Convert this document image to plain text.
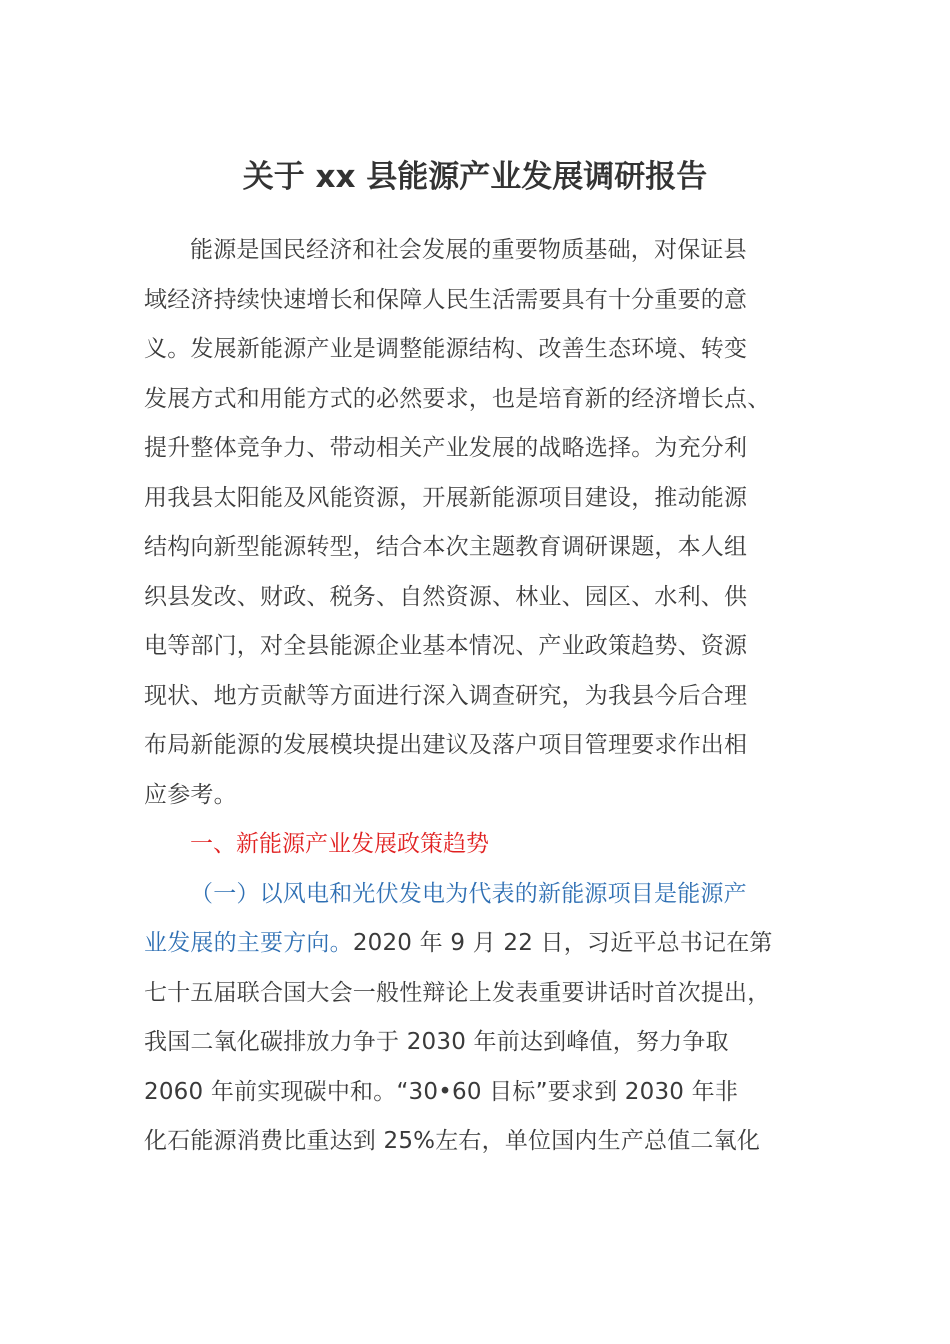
关于 xx 县能源产业发展调研报告
能源是国民经济和社会发展的重要物质基础，对保证县
域经济持续快速增长和保障人民生活需要具有十分重要的意
义。发展新能源产业是调整能源结构、改善生态环境、转变
发展方式和用能方式的必然要求，也是培育新的经济增长点、
提升整体竞争力、带动相关产业发展的战略选择。为充分利
用我县太阳能及风能资源，开展新能源项目建设，推动能源
结构向新型能源转型，结合本次主题教育调研课题，本人组
织县发改、财政、税务、自然资源、林业、园区、水利、供
电等部门，对全县能源企业基本情况、产业政策趋势、资源
现状、地方贡献等方面进行深入调查研究，为我县今后合理
布局新能源的发展模块提出建议及落户项目管理要求作出相
应参考。
一、新能源产业发展政策趋势
（一）以风电和光伏发电为代表的新能源项目是能源产
业发展的主要方向。2020 年 9 月 22 日，习近平总书记在第
七十五届联合国大会一般性辩论上发表重要讲话时首次提出，
我国二氧化碳排放力争于 2030 年前达到峰值，努力争取
2060 年前实现碳中和。“30•60 目标”要求到 2030 年非
化石能源消费比重达到 25%左右，单位国内生产总值二氧化
